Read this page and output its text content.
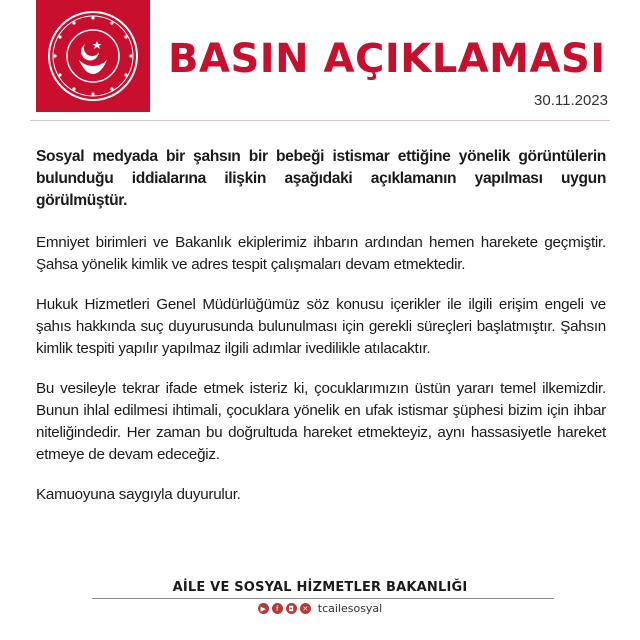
BASIN AÇIKLAMASI
30.11.2023

Sosyal medyada bir şahsın bir bebeği istismar ettiğine yönelik görüntülerin bulunduğu iddialarına ilişkin aşağıdaki açıklamanın yapılması uygun görülmüştür.

Emniyet birimleri ve Bakanlık ekiplerimiz ihbarın ardından hemen harekete geçmiştir. Şahsa yönelik kimlik ve adres tespit çalışmaları devam etmektedir.

Hukuk Hizmetleri Genel Müdürlüğümüz söz konusu içerikler ile ilgili erişim engeli ve şahıs hakkında suç duyurusunda bulunulması için gerekli süreçleri başlatmıştır. Şahsın kimlik tespiti yapılır yapılmaz ilgili adımlar ivedilikle atılacaktır.

Bu vesileyle tekrar ifade etmek isteriz ki, çocuklarımızın üstün yararı temel ilkemizdir. Bunun ihlal edilmesi ihtimali, çocuklara yönelik en ufak istismar şüphesi bizim için ihbar niteliğindedir. Her zaman bu doğrultuda hareket etmekteyiz, aynı hassasiyetle hareket etmeye de devam edeceğiz.

Kamuoyuna saygıyla duyurulur.

AİLE VE SOSYAL HİZMETLER BAKANLIĞI
▶	f	◘	✕ tcailesosyal
